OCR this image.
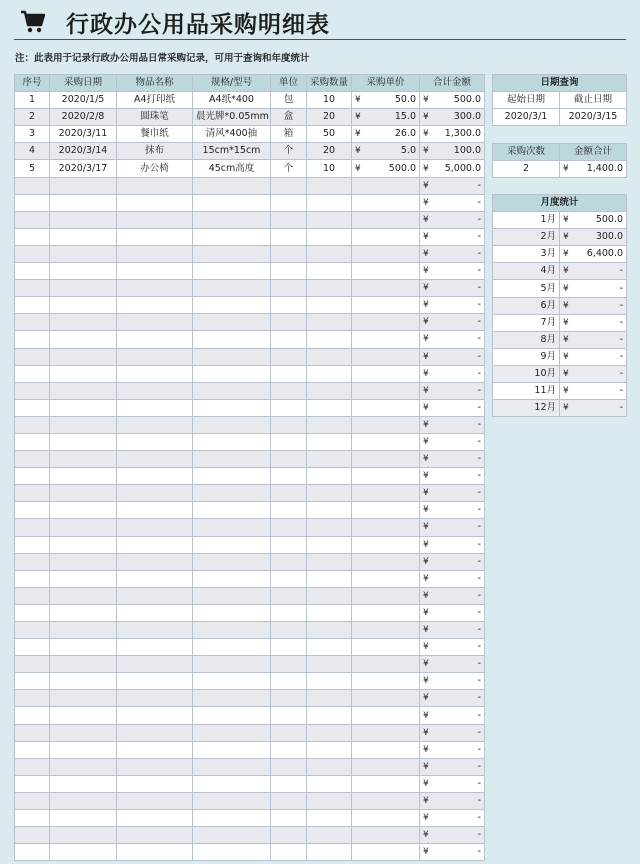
行政办公用品采购明细表
注：此表用于记录行政办公用品日常采购记录，可用于查询和年度统计
序号	采购日期	物品名称	规格/型号	单位	采购数量	采购单价	合计金额
1	2020/1/5	A4打印纸	A4纸*400	包	10	¥ 50.0	¥ 500.0

2	2020/2/8	圆珠笔	晨光牌*0.05mm	盒	20	¥ 15.0	¥ 300.0

3	2020/3/11	餐巾纸	清风*400抽	箱	50	¥ 26.0	¥ 1,300.0

4	2020/3/14	抹布	15cm*15cm	个	20	¥ 5.0	¥ 100.0

5	2020/3/17	办公椅	45cm高度	个	10	¥ 500.0	¥ 5,000.0

							¥ -

							¥ -

							¥ -

							¥ -

							¥ -

							¥ -

							¥ -

							¥ -

							¥ -

							¥ -

							¥ -

							¥ -

							¥ -

							¥ -

							¥ -

							¥ -

							¥ -

							¥ -

							¥ -

							¥ -

							¥ -

							¥ -

							¥ -

							¥ -

							¥ -

							¥ -

							¥ -

							¥ -

							¥ -

							¥ -

							¥ -

							¥ -

							¥ -

							¥ -

							¥ -

							¥ -

							¥ -

							¥ -

							¥ -

							¥ -
日期查询	
起始日期	截止日期
2020/3/1	2020/3/15
采购次数	金额合计
2	¥ 1,400.0
月度统计	
1月	¥ 500.0

2月	¥ 300.0

3月	¥ 6,400.0

4月	¥ -

5月	¥ -

6月	¥ -

7月	¥ -

8月	¥ -

9月	¥ -

10月	¥ -

11月	¥ -

12月	¥ -
